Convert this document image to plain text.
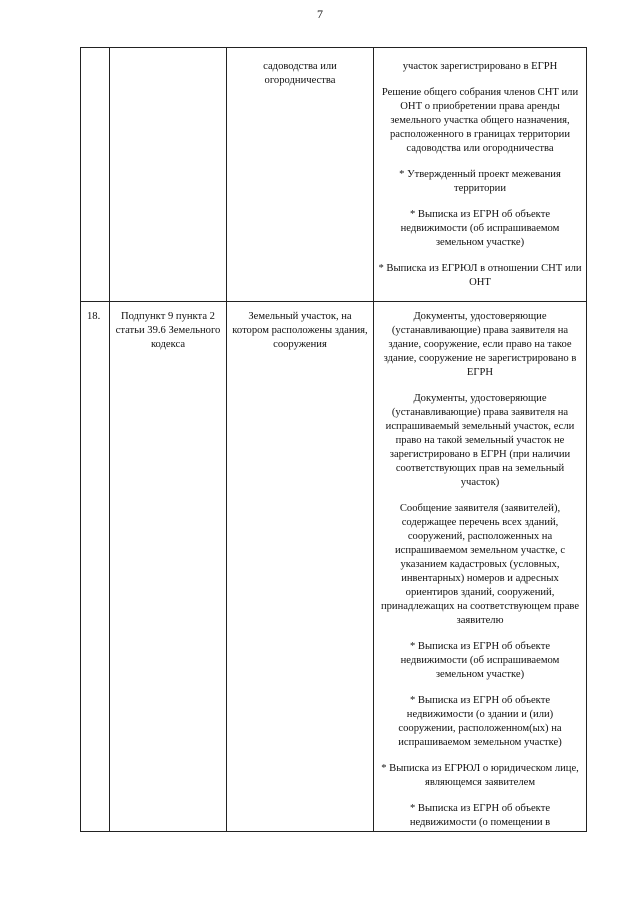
7
садоводства или огородничества

участок зарегистрировано в ЕГРН

Решение общего собрания членов СНТ или ОНТ о приобретении права аренды земельного участка общего назначения, расположенного в границах территории садоводства или огородничества

* Утвержденный проект межевания территории

* Выписка из ЕГРН об объекте недвижимости (об испрашиваемом земельном участке)

* Выписка из ЕГРЮЛ в отношении СНТ или ОНТ

18.	Подпункт 9 пункта 2 статьи 39.6 Земельного кодекса
Земельный участок, на котором расположены здания, сооружения

Документы, удостоверяющие (устанавливающие) права заявителя на здание, сооружение, если право на такое здание, сооружение не зарегистрировано в ЕГРН

Документы, удостоверяющие (устанавливающие) права заявителя на испрашиваемый земельный участок, если право на такой земельный участок не зарегистрировано в ЕГРН (при наличии соответствующих прав на земельный участок)

Сообщение заявителя (заявителей), содержащее перечень всех зданий, сооружений, расположенных на испрашиваемом земельном участке, с указанием кадастровых (условных, инвентарных) номеров и адресных ориентиров зданий, сооружений, принадлежащих на соответствующем праве заявителю

* Выписка из ЕГРН об объекте недвижимости (об испрашиваемом земельном участке)

* Выписка из ЕГРН об объекте недвижимости (о здании и (или) сооружении, расположенном(ых) на испрашиваемом земельном участке)

* Выписка из ЕГРЮЛ о юридическом лице, являющемся заявителем

* Выписка из ЕГРН об объекте недвижимости (о помещении в
